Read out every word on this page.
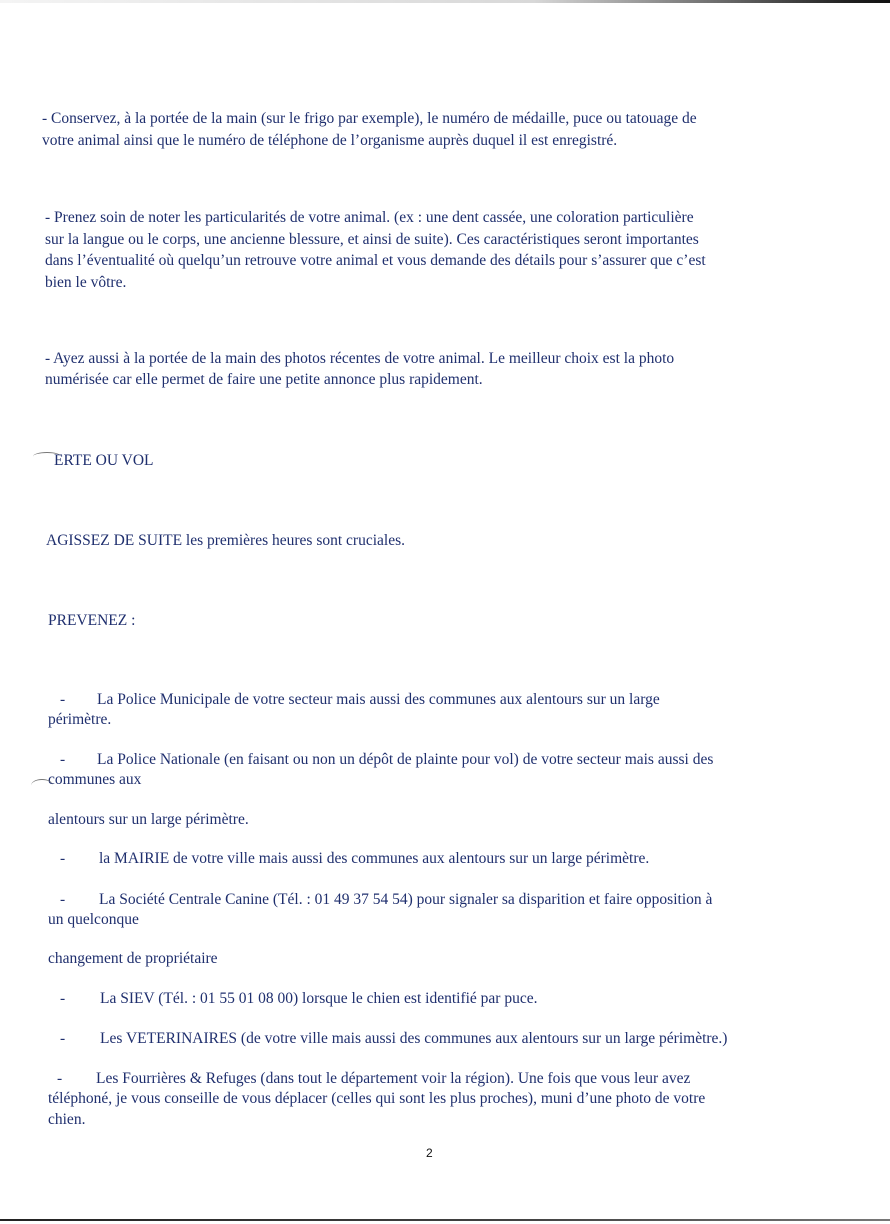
- Conservez, à la portée de la main (sur le frigo par exemple), le numéro de médaille, puce ou tatouage de
votre animal ainsi que le numéro de téléphone de l’organisme auprès duquel il est enregistré.
- Prenez soin de noter les particularités de votre animal. (ex : une dent cassée, une coloration particulière
sur la langue ou le corps, une ancienne blessure, et ainsi de suite). Ces caractéristiques seront importantes
dans l’éventualité où quelqu’un retrouve votre animal et vous demande des détails pour s’assurer que c’est
bien le vôtre.
- Ayez aussi à la portée de la main des photos récentes de votre animal. Le meilleur choix est la photo
numérisée car elle permet de faire une petite annonce plus rapidement.
ERTE OU VOL
AGISSEZ DE SUITE les premières heures sont cruciales.
PREVENEZ :
- La Police Municipale de votre secteur mais aussi des communes aux alentours sur un large
périmètre.
- La Police Nationale (en faisant ou non un dépôt de plainte pour vol) de votre secteur mais aussi des
communes aux
alentours sur un large périmètre.
- la MAIRIE de votre ville mais aussi des communes aux alentours sur un large périmètre.
- La Société Centrale Canine (Tél. : 01 49 37 54 54) pour signaler sa disparition et faire opposition à
un quelconque
changement de propriétaire
- La SIEV (Tél. : 01 55 01 08 00) lorsque le chien est identifié par puce.
- Les VETERINAIRES (de votre ville mais aussi des communes aux alentours sur un large périmètre.)
- Les Fourrières & Refuges (dans tout le département voir la région). Une fois que vous leur avez
téléphoné, je vous conseille de vous déplacer (celles qui sont les plus proches), muni d’une photo de votre
chien.
2
